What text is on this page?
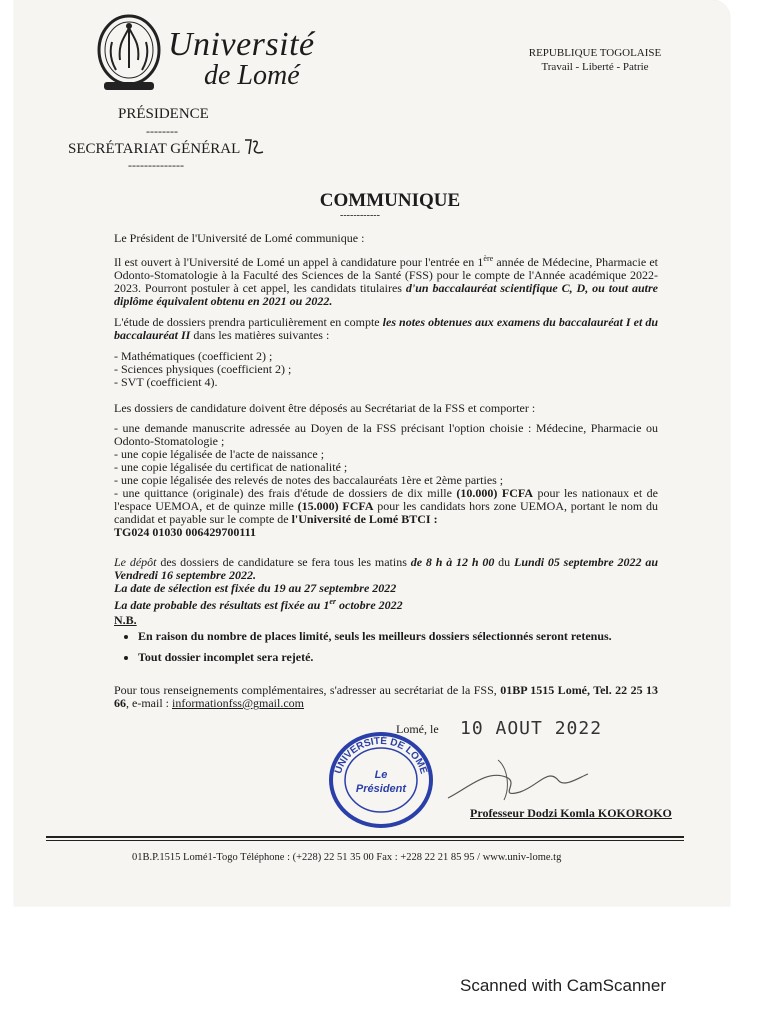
Université
de Lomé
REPUBLIQUE TOGOLAISE
Travail - Liberté - Patrie
PRÉSIDENCE
--------
SECRÉTARIAT GÉNÉRAL
--------------
COMMUNIQUE
------------
Le Président de l'Université de Lomé communique :
Il est ouvert à l'Université de Lomé un appel à candidature pour l'entrée en 1ère année de Médecine, Pharmacie et Odonto-Stomatologie à la Faculté des Sciences de la Santé (FSS) pour le compte de l'Année académique 2022-2023. Pourront postuler à cet appel, les candidats titulaires d'un baccalauréat scientifique C, D, ou tout autre diplôme équivalent obtenu en 2021 ou 2022.
L'étude de dossiers prendra particulièrement en compte les notes obtenues aux examens du baccalauréat I et du baccalauréat II dans les matières suivantes :
- Mathématiques (coefficient 2) ;
- Sciences physiques (coefficient 2) ;
- SVT (coefficient 4).
Les dossiers de candidature doivent être déposés au Secrétariat de la FSS et comporter :
- une demande manuscrite adressée au Doyen de la FSS précisant l'option choisie : Médecine, Pharmacie ou Odonto-Stomatologie ;
- une copie légalisée de l'acte de naissance ;
- une copie légalisée du certificat de nationalité ;
- une copie légalisée des relevés de notes des baccalauréats 1ère et 2ème parties ;
- une quittance (originale) des frais d'étude de dossiers de dix mille (10.000) FCFA pour les nationaux et de l'espace UEMOA, et de quinze mille (15.000) FCFA pour les candidats hors zone UEMOA, portant le nom du candidat et payable sur le compte de l'Université de Lomé BTCI :
TG024 01030 006429700111
Le dépôt des dossiers de candidature se fera tous les matins de 8 h à 12 h 00 du Lundi 05 septembre 2022 au Vendredi 16 septembre 2022.
La date de sélection est fixée du 19 au 27 septembre 2022
La date probable des résultats est fixée au 1er octobre 2022
N.B.
• En raison du nombre de places limité, seuls les meilleurs dossiers sélectionnés seront retenus.
• Tout dossier incomplet sera rejeté.
Pour tous renseignements complémentaires, s'adresser au secrétariat de la FSS, 01BP 1515 Lomé, Tel. 22 25 13 66, e-mail : informationfss@gmail.com
Lomé, le 10 AOUT 2022
UNIVERSITÉ DE LOMÉ
Le
Président
Professeur Dodzi Komla KOKOROKO
01B.P.1515 Lomé1-Togo Téléphone : (+228) 22 51 35 00 Fax : +228 22 21 85 95 / www.univ-lome.tg
Scanned with CamScanner
